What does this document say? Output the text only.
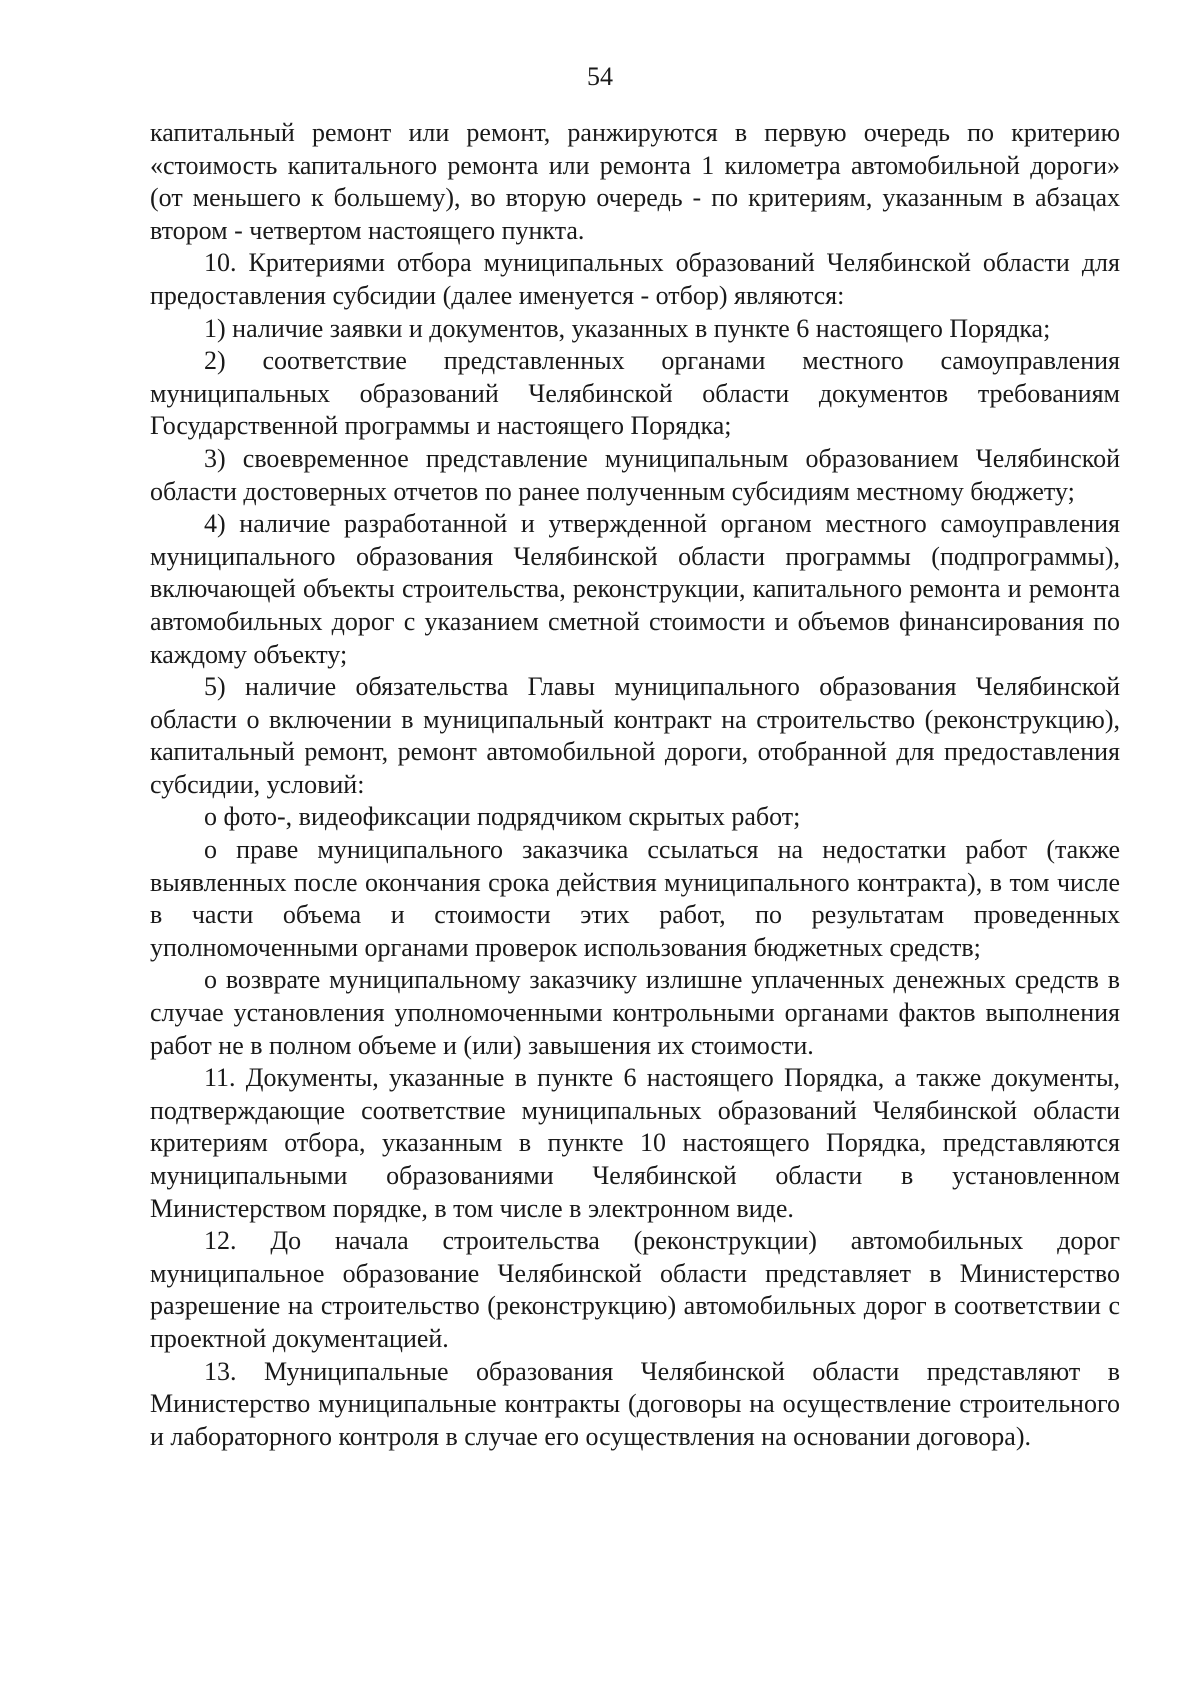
54

капитальный ремонт или ремонт, ранжируются в первую очередь по критерию «стоимость капитального ремонта или ремонта 1 километра автомобильной дороги» (от меньшего к большему), во вторую очередь - по критериям, указанным в абзацах втором - четвертом настоящего пункта.

10. Критериями отбора муниципальных образований Челябинской области для предоставления субсидии (далее именуется - отбор) являются:

1) наличие заявки и документов, указанных в пункте 6 настоящего Порядка;

2) соответствие представленных органами местного самоуправления муниципальных образований Челябинской области документов требованиям Государственной программы и настоящего Порядка;

3) своевременное представление муниципальным образованием Челябинской области достоверных отчетов по ранее полученным субсидиям местному бюджету;

4) наличие разработанной и утвержденной органом местного самоуправления муниципального образования Челябинской области программы (подпрограммы), включающей объекты строительства, реконструкции, капитального ремонта и ремонта автомобильных дорог с указанием сметной стоимости и объемов финансирования по каждому объекту;

5) наличие обязательства Главы муниципального образования Челябинской области о включении в муниципальный контракт на строительство (реконструкцию), капитальный ремонт, ремонт автомобильной дороги, отобранной для предоставления субсидии, условий:

о фото-, видеофиксации подрядчиком скрытых работ;

о праве муниципального заказчика ссылаться на недостатки работ (также выявленных после окончания срока действия муниципального контракта), в том числе в части объема и стоимости этих работ, по результатам проведенных уполномоченными органами проверок использования бюджетных средств;

о возврате муниципальному заказчику излишне уплаченных денежных средств в случае установления уполномоченными контрольными органами фактов выполнения работ не в полном объеме и (или) завышения их стоимости.

11. Документы, указанные в пункте 6 настоящего Порядка, а также документы, подтверждающие соответствие муниципальных образований Челябинской области критериям отбора, указанным в пункте 10 настоящего Порядка, представляются муниципальными образованиями Челябинской области в установленном Министерством порядке, в том числе в электронном виде.

12. До начала строительства (реконструкции) автомобильных дорог муниципальное образование Челябинской области представляет в Министерство разрешение на строительство (реконструкцию) автомобильных дорог в соответствии с проектной документацией.

13. Муниципальные образования Челябинской области представляют в Министерство муниципальные контракты (договоры на осуществление строительного и лабораторного контроля в случае его осуществления на основании договора).
